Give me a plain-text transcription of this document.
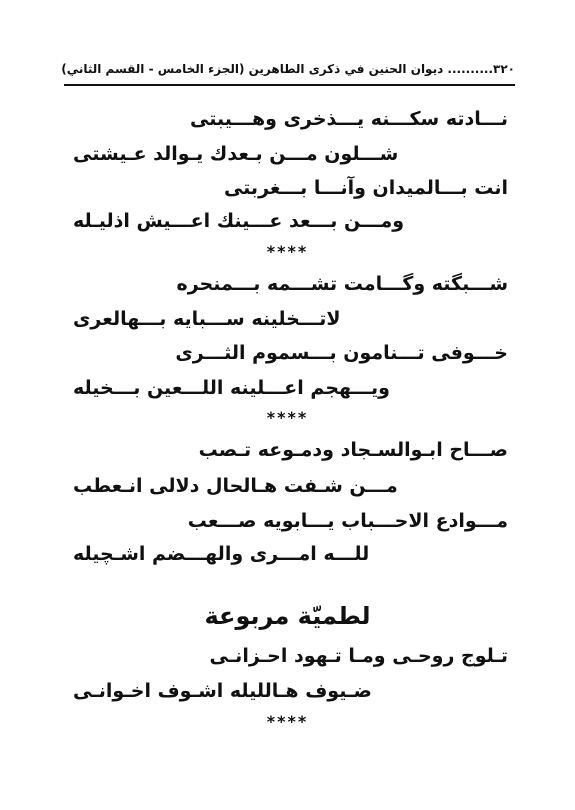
٣٢٠.......... ديوان الحنين في ذكرى الطاهرين (الجزء الخامس - القسم الثاني)
نـــادته سكـــنه يـــذخرى وهـــيبتى
شـــلون مـــن بـعدك يـوالد عـيشتى
انت بـــالميدان وآنـــا بـــغربتى
ومـــن بـــعد عـــينك اعـــيش اذليـله
****
شـــبگته وگـــامت تشـــمه بـــمنحره
لاتـــخلينه ســـبايه بـــهالعرى
خـــوفى تـــنامون بـــسموم الثـــرى
ويـــهجم اعـــلينه اللـــعين بـــخيله
****
صـــاح ابـوالسـجاد ودمـوعه تـصب
مـــن شـفت هـالحال دلالى انـعطب
مـــوادع الاحـــباب يـــابويه صـــعب
للـــه امـــرى والهـــضم اشـچيله
لطميّة مربوعة
تـلوج روحـى ومـا تـهود احـزانـى
ضـيوف هـالليله اشـوف اخـوانـى
****
